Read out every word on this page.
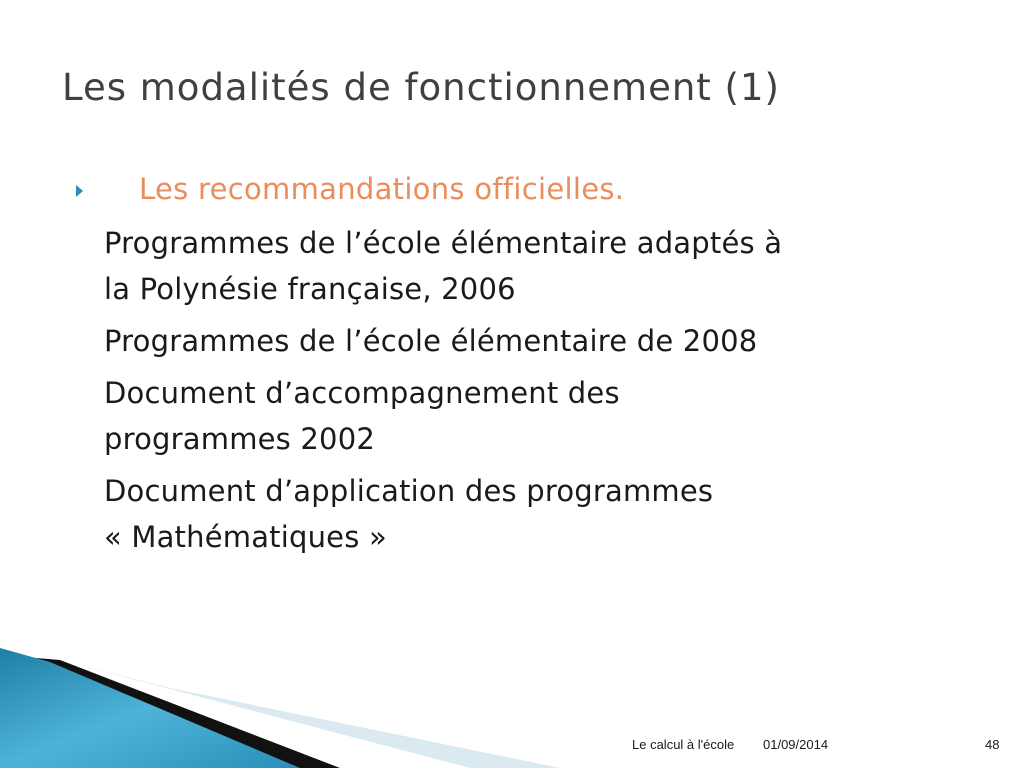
Les modalités de fonctionnement (1)
Les recommandations officielles.
Programmes de l’école élémentaire adaptés à
la Polynésie française, 2006
Programmes de l’école élémentaire de 2008
Document d’accompagnement des
programmes 2002
Document d’application des programmes
« Mathématiques »
Le calcul à l'école 01/09/2014	48
